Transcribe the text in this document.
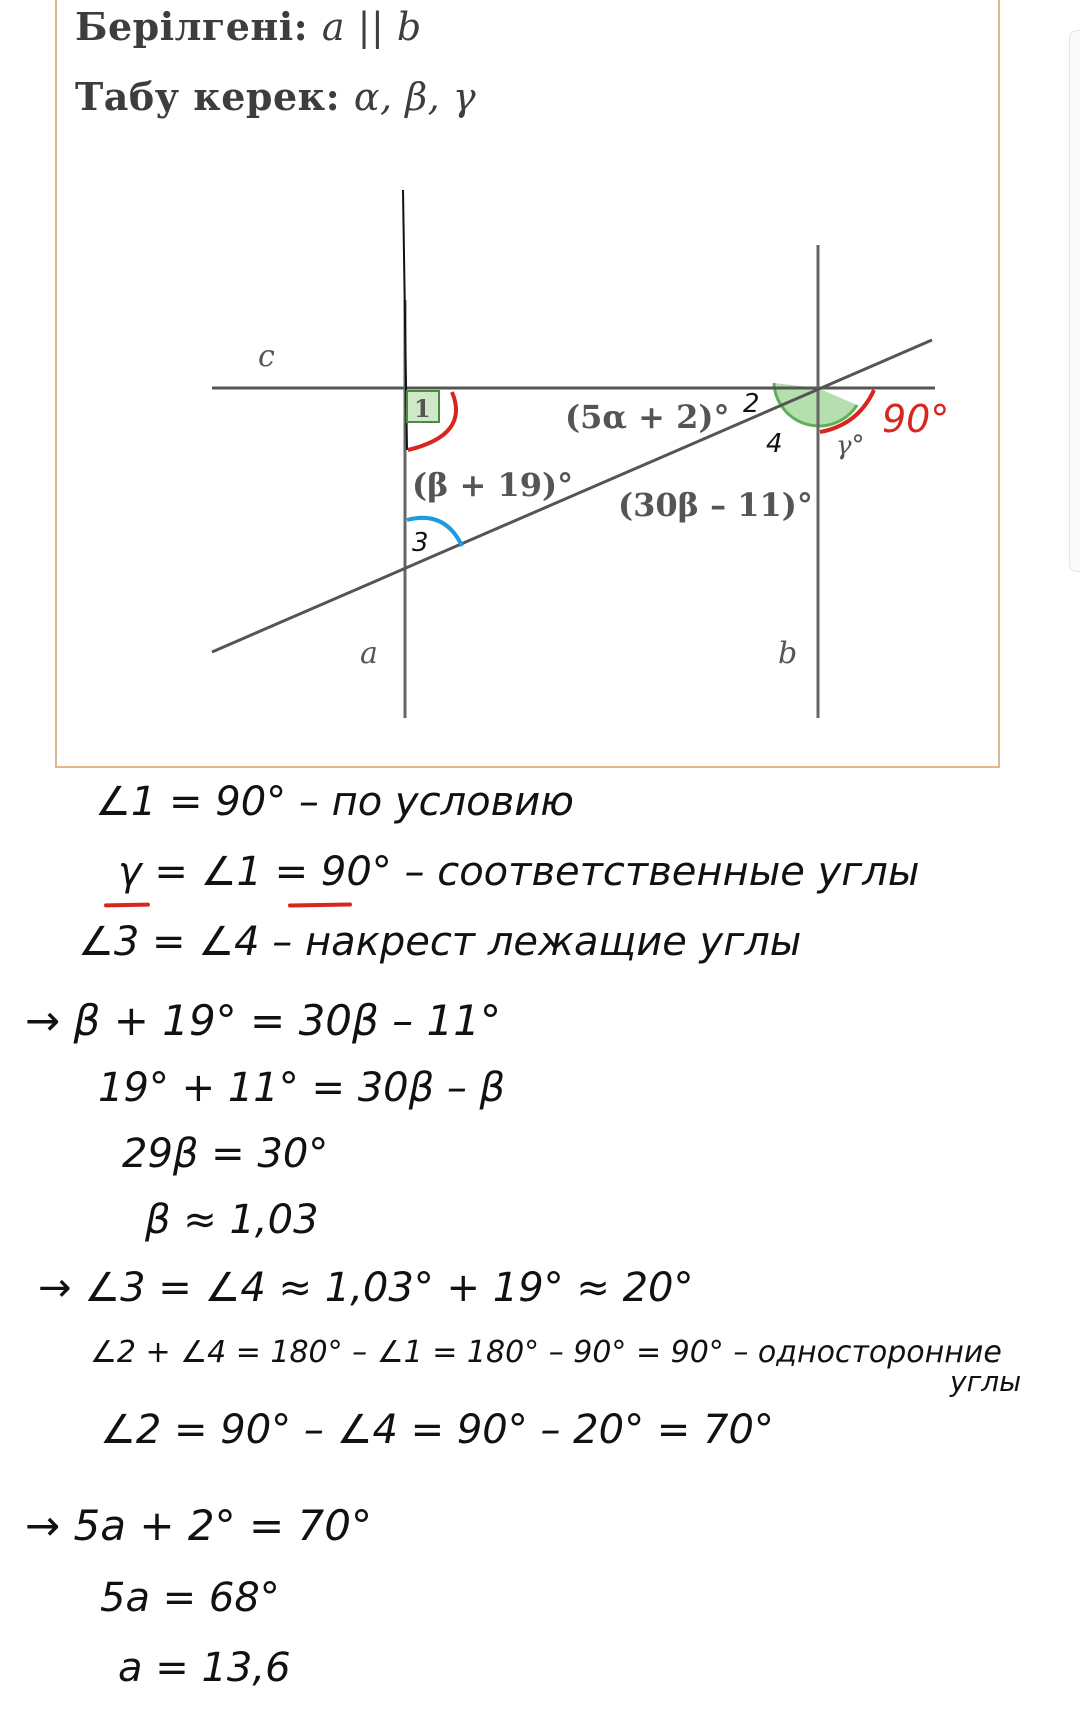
Берілгені: a || b

Табу керек: α, β, γ

c
a	b
1	(5α + 2)°
(β + 19)°
(30β – 11)°
2
4
3
γ°
90°

∠1 = 90° – по условию

γ = ∠1 = 90° – соответственные углы

∠3 = ∠4 – накрест лежащие углы

→ β + 19° = 30β – 11°

19° + 11° = 30β – β

29β = 30°

β ≈ 1,03

→ ∠3 = ∠4 ≈ 1,03° + 19° ≈ 20°

∠2 + ∠4 = 180° – ∠1 = 180° – 90° = 90° – односторонние

углы

∠2 = 90° – ∠4 = 90° – 20° = 70°

→ 5a + 2° = 70°

5a = 68°

a = 13,6
